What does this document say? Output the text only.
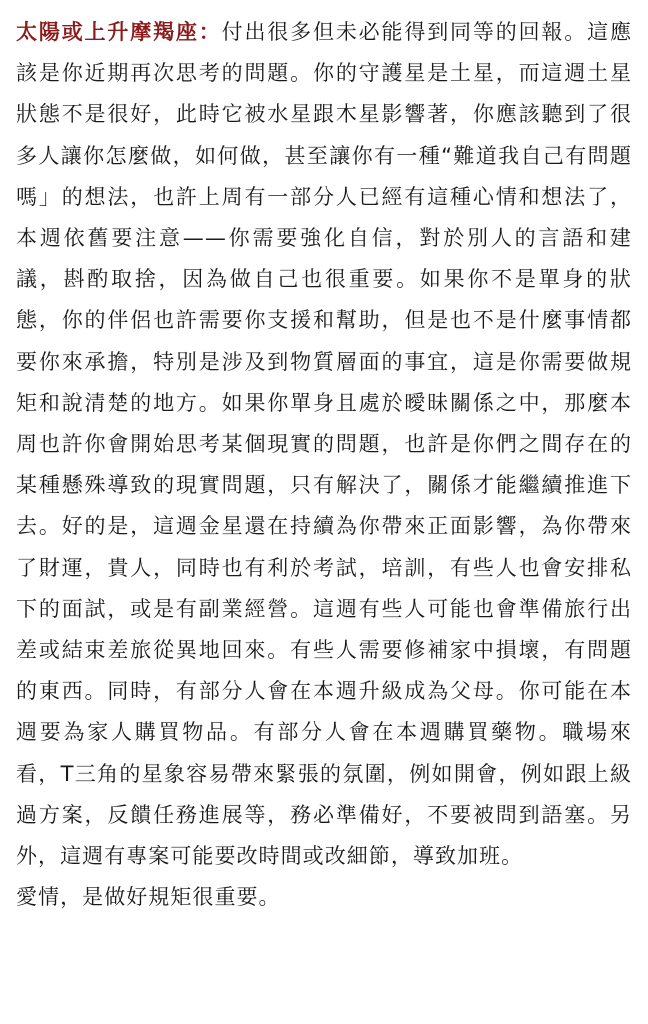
太陽或上升摩羯座：付出很多但未必能得到同等的回報。這應該是你近期再次思考的問題。你的守護星是土星，而這週土星狀態不是很好，此時它被水星跟木星影響著，你應該聽到了很多人讓你怎麼做，如何做，甚至讓你有一種“難道我自己有問題嗎」的想法，也許上周有一部分人已經有這種心情和想法了，本週依舊要注意——你需要強化自信，對於別人的言語和建議，斟酌取捨，因為做自己也很重要。如果你不是單身的狀態，你的伴侶也許需要你支援和幫助，但是也不是什麼事情都要你來承擔，特別是涉及到物質層面的事宜，這是你需要做規矩和說清楚的地方。如果你單身且處於曖昧關係之中，那麼本周也許你會開始思考某個現實的問題，也許是你們之間存在的某種懸殊導致的現實問題，只有解決了，關係才能繼續推進下去。好的是，這週金星還在持續為你帶來正面影響，為你帶來了財運，貴人，同時也有利於考試，培訓，有些人也會安排私下的面試，或是有副業經營。這週有些人可能也會準備旅行出差或結束差旅從異地回來。有些人需要修補家中損壞，有問題的東西。同時，有部分人會在本週升級成為父母。你可能在本週要為家人購買物品。有部分人會在本週購買藥物。職場來看，T三角的星象容易帶來緊張的氛圍，例如開會，例如跟上級過方案，反饋任務進展等，務必準備好，不要被問到語塞。另外，這週有專案可能要改時間或改細節，導致加班。

愛情，是做好規矩很重要。
